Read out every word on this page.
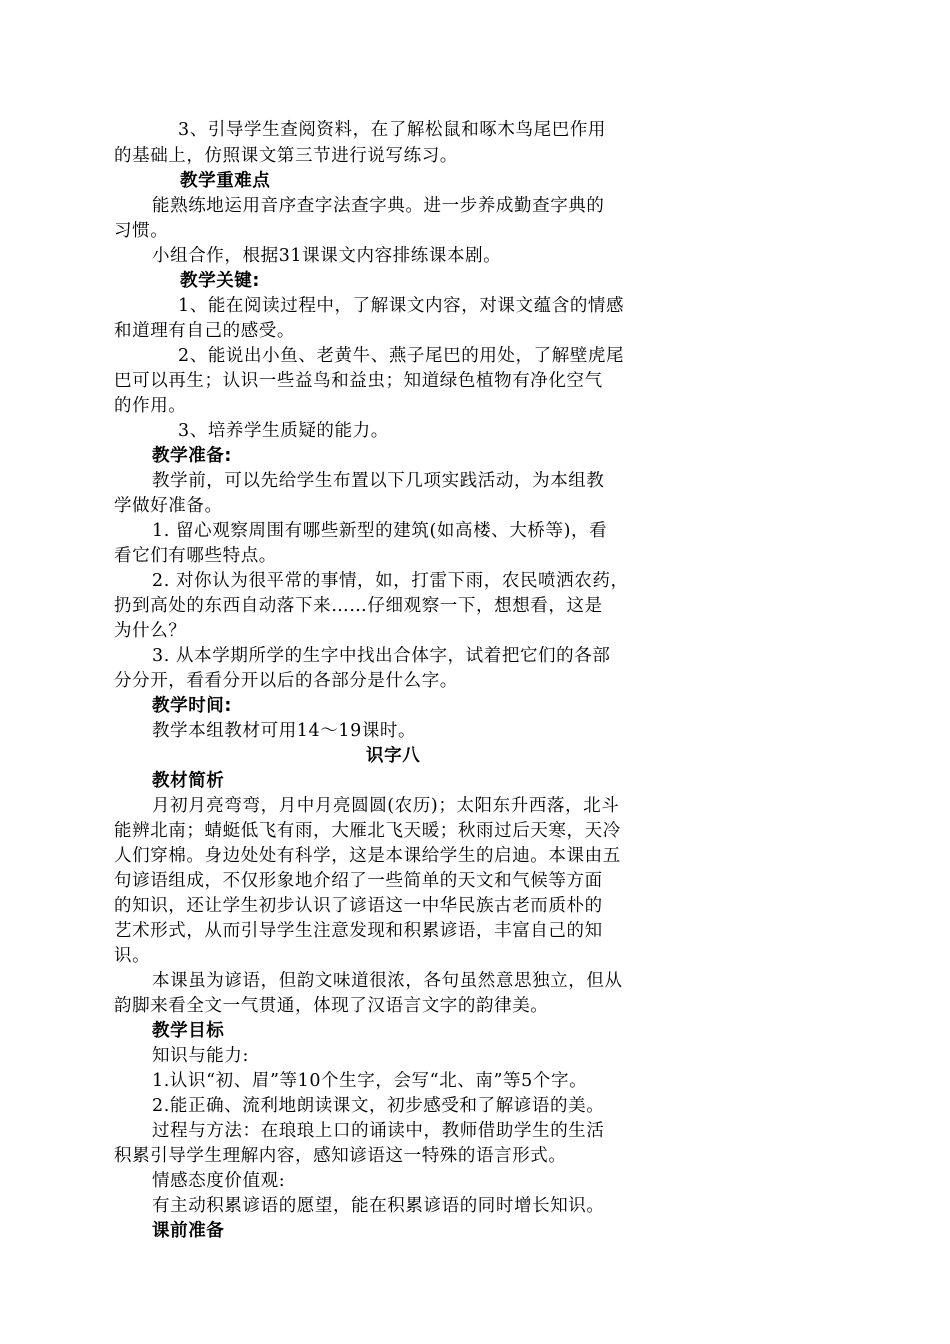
3、引导学生查阅资料，在了解松鼠和啄木鸟尾巴作用
的基础上，仿照课文第三节进行说写练习。
教学重难点
能熟练地运用音序查字法查字典。进一步养成勤查字典的
习惯。
小组合作，根据31课课文内容排练课本剧。
教学关键:
1、能在阅读过程中，了解课文内容，对课文蕴含的情感
和道理有自己的感受。
2、能说出小鱼、老黄牛、燕子尾巴的用处，了解壁虎尾
巴可以再生；认识一些益鸟和益虫；知道绿色植物有净化空气
的作用。
3、培养学生质疑的能力。
教学准备:
教学前，可以先给学生布置以下几项实践活动，为本组教
学做好准备。
1. 留心观察周围有哪些新型的建筑(如高楼、大桥等)，看
看它们有哪些特点。
2. 对你认为很平常的事情，如，打雷下雨，农民喷洒农药，
扔到高处的东西自动落下来……仔细观察一下，想想看，这是
为什么？
3. 从本学期所学的生字中找出合体字，试着把它们的各部
分分开，看看分开以后的各部分是什么字。
教学时间:
教学本组教材可用14～19课时。
识字八
教材简析
月初月亮弯弯，月中月亮圆圆(农历)；太阳东升西落，北斗
能辨北南；蜻蜓低飞有雨，大雁北飞天暖；秋雨过后天寒，天冷
人们穿棉。身边处处有科学，这是本课给学生的启迪。本课由五
句谚语组成，不仅形象地介绍了一些简单的天文和气候等方面
的知识，还让学生初步认识了谚语这一中华民族古老而质朴的
艺术形式，从而引导学生注意发现和积累谚语，丰富自己的知
识。
本课虽为谚语，但韵文味道很浓，各句虽然意思独立，但从
韵脚来看全文一气贯通，体现了汉语言文字的韵律美。
教学目标
知识与能力:
1.认识“初、眉”等10个生字，会写“北、南”等5个字。
2.能正确、流利地朗读课文，初步感受和了解谚语的美。
过程与方法：在琅琅上口的诵读中，教师借助学生的生活
积累引导学生理解内容，感知谚语这一特殊的语言形式。
情感态度价值观:
有主动积累谚语的愿望，能在积累谚语的同时增长知识。
课前准备
